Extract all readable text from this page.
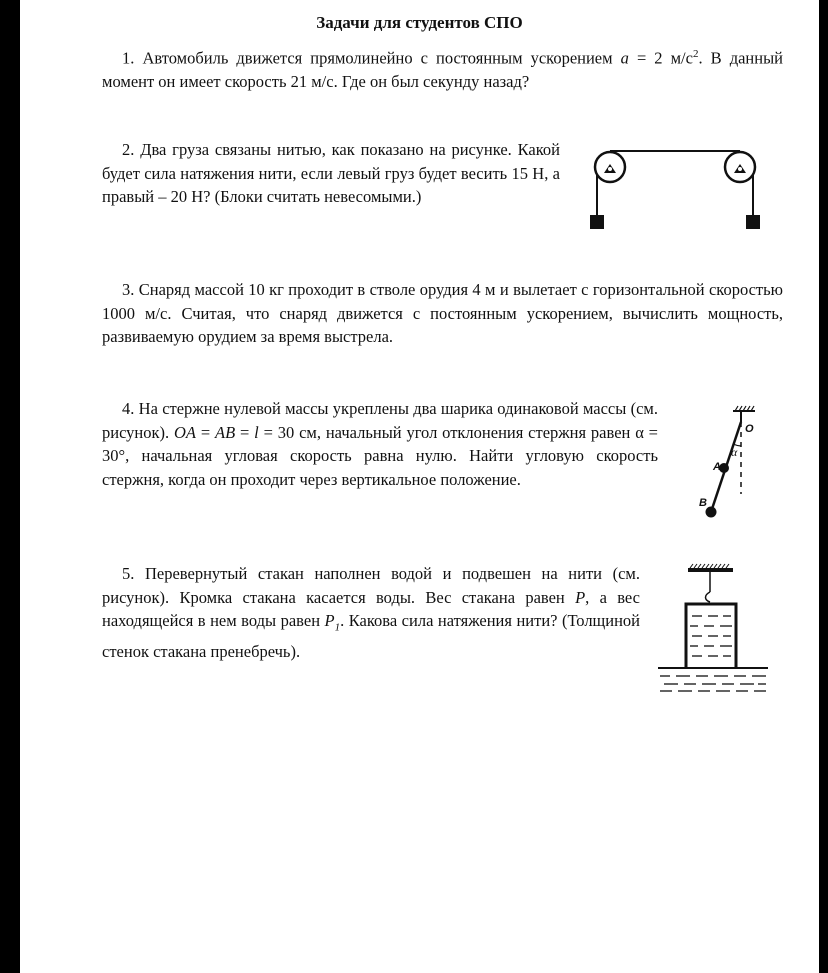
Задачи для студентов СПО

1. Автомобиль движется прямолинейно с постоянным ускорением a = 2 $м/с^2$. В данный момент он имеет скорость 21 м/с. Где он был секунду назад?

2. Два груза связаны нитью, как показано на рисунке. Какой будет сила натяжения нити, если левый груз будет весить 15 Н, а правый – 20 Н? (Блоки считать невесомыми.)

3. Снаряд массой 10 кг проходит в стволе орудия 4 м и вылетает с горизонтальной скоростью 1000 м/с. Считая, что снаряд движется с постоянным ускорением, вычислить мощность, развиваемую орудием за время выстрела.

4. На стержне нулевой массы укреплены два шарика одинаковой массы (см. рисунок). OA = AB = l = 30 см, начальный угол отклонения стержня равен α = 30°, начальная угловая скорость равна нулю. Найти угловую скорость стержня, когда он проходит через вертикальное положение.

O
α
A
B

5. Перевернутый стакан наполнен водой и подвешен на нити (см. рисунок). Кромка стакана касается воды. Вес стакана равен P, а вес находящейся в нем воды равен $P_1$. Какова сила натяжения нити? (Толщиной стенок стакана пренебречь).
